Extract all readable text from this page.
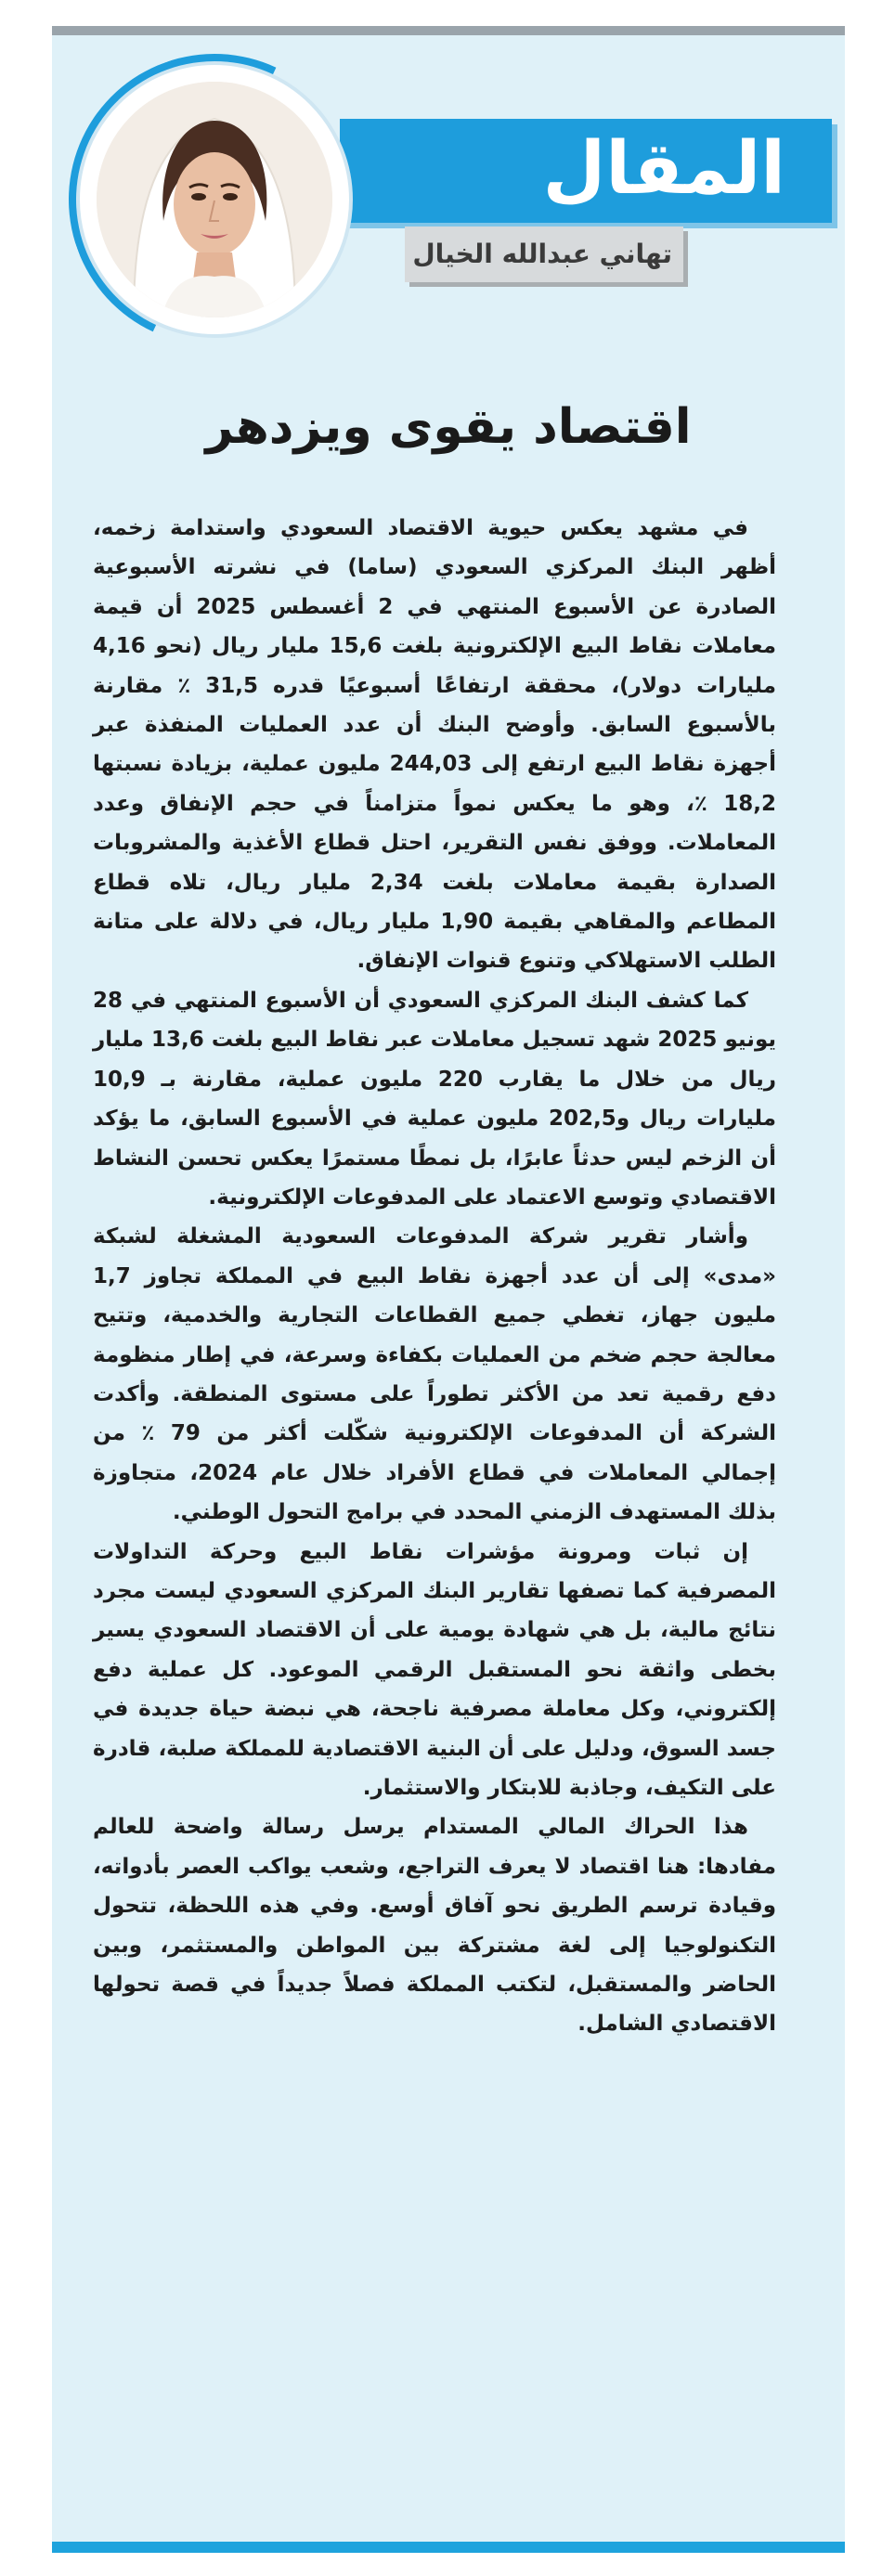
المقال
تهاني عبدالله الخيال
اقتصاد يقوى ويزدهر

في مشهد يعكس حيوية الاقتصاد السعودي واستدامة زخمه، أظهر البنك المركزي السعودي (ساما) في نشرته الأسبوعية الصادرة عن الأسبوع المنتهي في 2 أغسطس 2025 أن قيمة معاملات نقاط البيع الإلكترونية بلغت 15,6 مليار ريال (نحو 4,16 مليارات دولار)، محققة ارتفاعًا أسبوعيًا قدره 31,5 ٪ مقارنة بالأسبوع السابق. وأوضح البنك أن عدد العمليات المنفذة عبر أجهزة نقاط البيع ارتفع إلى 244,03 مليون عملية، بزيادة نسبتها 18,2 ٪، وهو ما يعكس نمواً متزامناً في حجم الإنفاق وعدد المعاملات. ووفق نفس التقرير، احتل قطاع الأغذية والمشروبات الصدارة بقيمة معاملات بلغت 2,34 مليار ريال، تلاه قطاع المطاعم والمقاهي بقيمة 1,90 مليار ريال، في دلالة على متانة الطلب الاستهلاكي وتنوع قنوات الإنفاق.

كما كشف البنك المركزي السعودي أن الأسبوع المنتهي في 28 يونيو 2025 شهد تسجيل معاملات عبر نقاط البيع بلغت 13,6 مليار ريال من خلال ما يقارب 220 مليون عملية، مقارنة بـ 10,9 مليارات ريال و202,5 مليون عملية في الأسبوع السابق، ما يؤكد أن الزخم ليس حدثاً عابرًا، بل نمطًا مستمرًا يعكس تحسن النشاط الاقتصادي وتوسع الاعتماد على المدفوعات الإلكترونية.

وأشار تقرير شركة المدفوعات السعودية المشغلة لشبكة «مدى» إلى أن عدد أجهزة نقاط البيع في المملكة تجاوز 1,7 مليون جهاز، تغطي جميع القطاعات التجارية والخدمية، وتتيح معالجة حجم ضخم من العمليات بكفاءة وسرعة، في إطار منظومة دفع رقمية تعد من الأكثر تطوراً على مستوى المنطقة. وأكدت الشركة أن المدفوعات الإلكترونية شكّلت أكثر من 79 ٪ من إجمالي المعاملات في قطاع الأفراد خلال عام 2024، متجاوزة بذلك المستهدف الزمني المحدد في برامج التحول الوطني.

إن ثبات ومرونة مؤشرات نقاط البيع وحركة التداولات المصرفية كما تصفها تقارير البنك المركزي السعودي ليست مجرد نتائج مالية، بل هي شهادة يومية على أن الاقتصاد السعودي يسير بخطى واثقة نحو المستقبل الرقمي الموعود. كل عملية دفع إلكتروني، وكل معاملة مصرفية ناجحة، هي نبضة حياة جديدة في جسد السوق، ودليل على أن البنية الاقتصادية للمملكة صلبة، قادرة على التكيف، وجاذبة للابتكار والاستثمار.

هذا الحراك المالي المستدام يرسل رسالة واضحة للعالم مفادها: هنا اقتصاد لا يعرف التراجع، وشعب يواكب العصر بأدواته، وقيادة ترسم الطريق نحو آفاق أوسع. وفي هذه اللحظة، تتحول التكنولوجيا إلى لغة مشتركة بين المواطن والمستثمر، وبين الحاضر والمستقبل، لتكتب المملكة فصلاً جديداً في قصة تحولها الاقتصادي الشامل.
